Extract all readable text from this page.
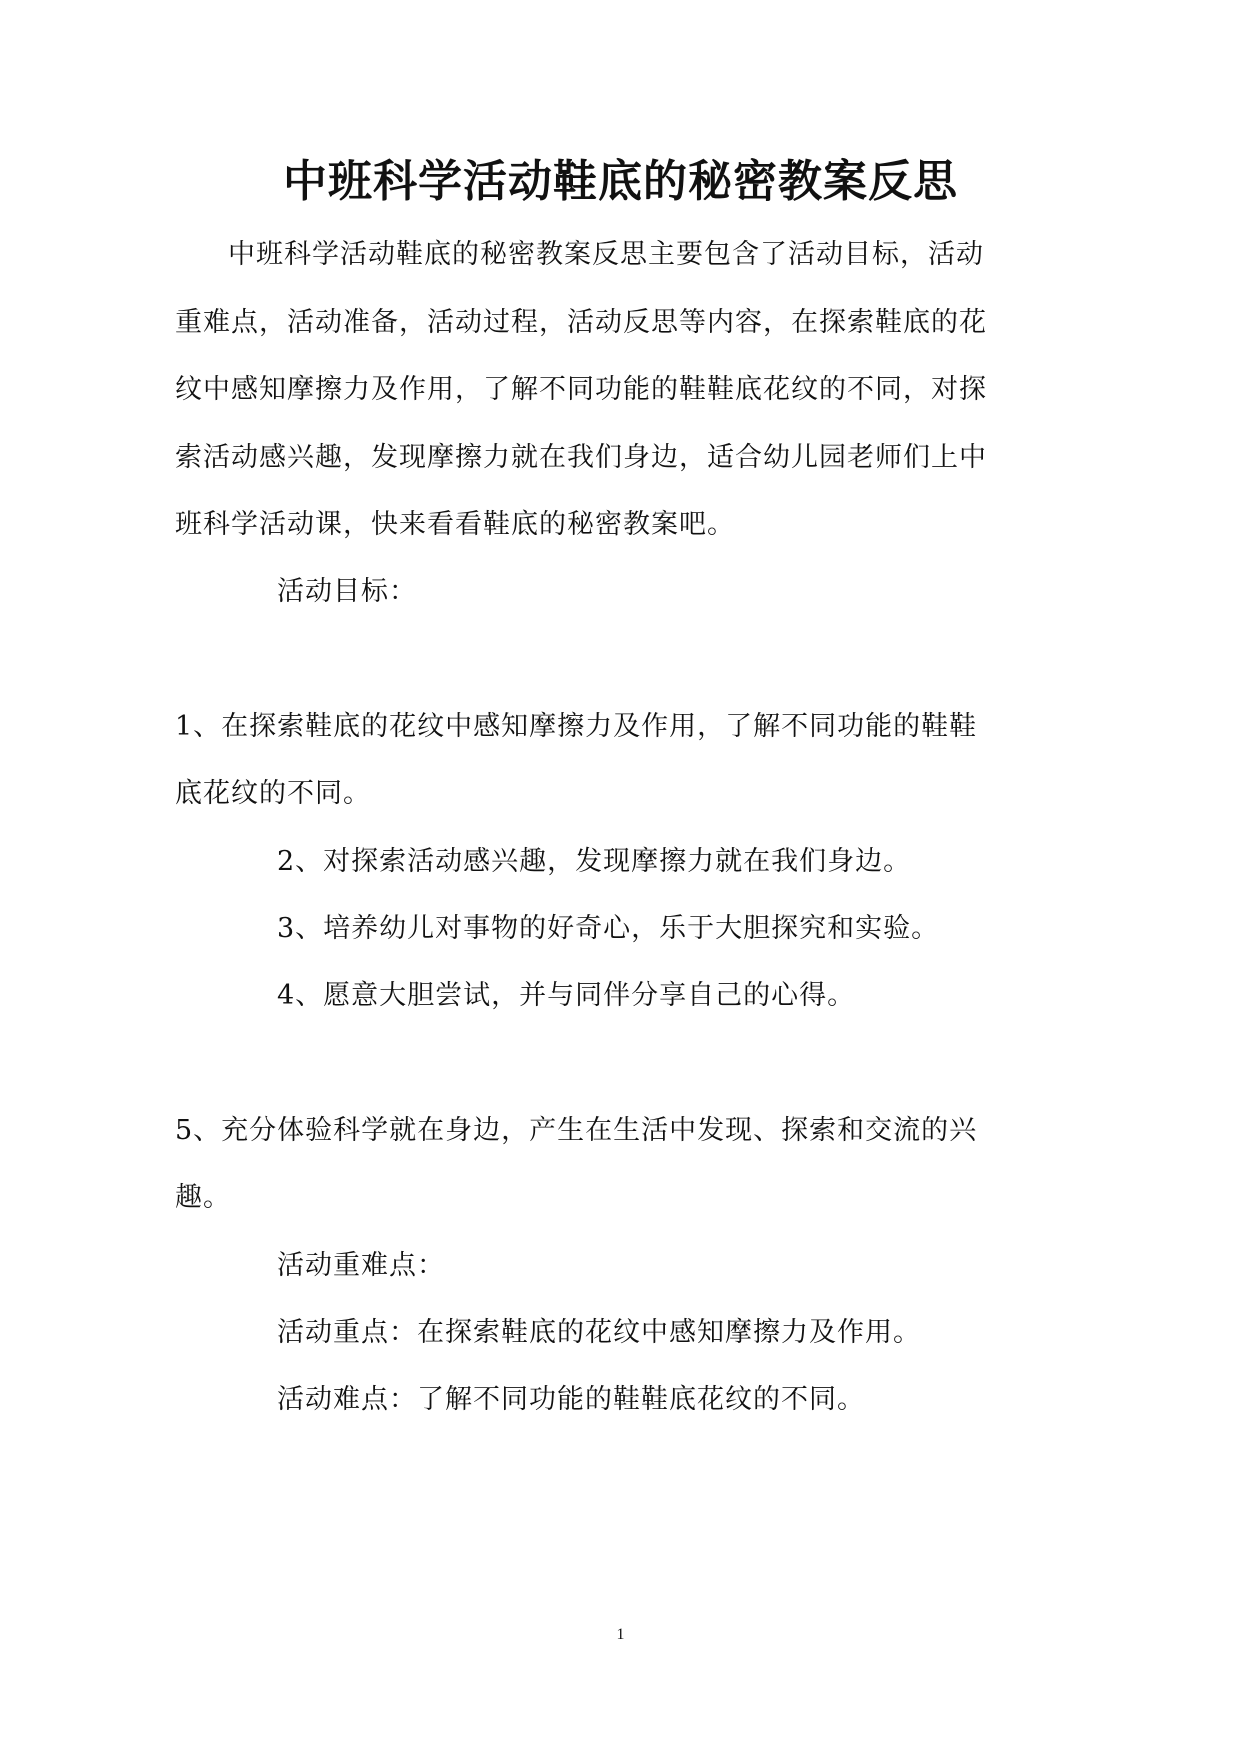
中班科学活动鞋底的秘密教案反思

中班科学活动鞋底的秘密教案反思主要包含了活动目标，活动

重难点，活动准备，活动过程，活动反思等内容，在探索鞋底的花

纹中感知摩擦力及作用，了解不同功能的鞋鞋底花纹的不同，对探

索活动感兴趣，发现摩擦力就在我们身边，适合幼儿园老师们上中

班科学活动课，快来看看鞋底的秘密教案吧。

活动目标：

1、在探索鞋底的花纹中感知摩擦力及作用，了解不同功能的鞋鞋

底花纹的不同。

2、对探索活动感兴趣，发现摩擦力就在我们身边。

3、培养幼儿对事物的好奇心，乐于大胆探究和实验。

4、愿意大胆尝试，并与同伴分享自己的心得。

5、充分体验科学就在身边，产生在生活中发现、探索和交流的兴

趣。

活动重难点：

活动重点：在探索鞋底的花纹中感知摩擦力及作用。

活动难点：了解不同功能的鞋鞋底花纹的不同。

1
